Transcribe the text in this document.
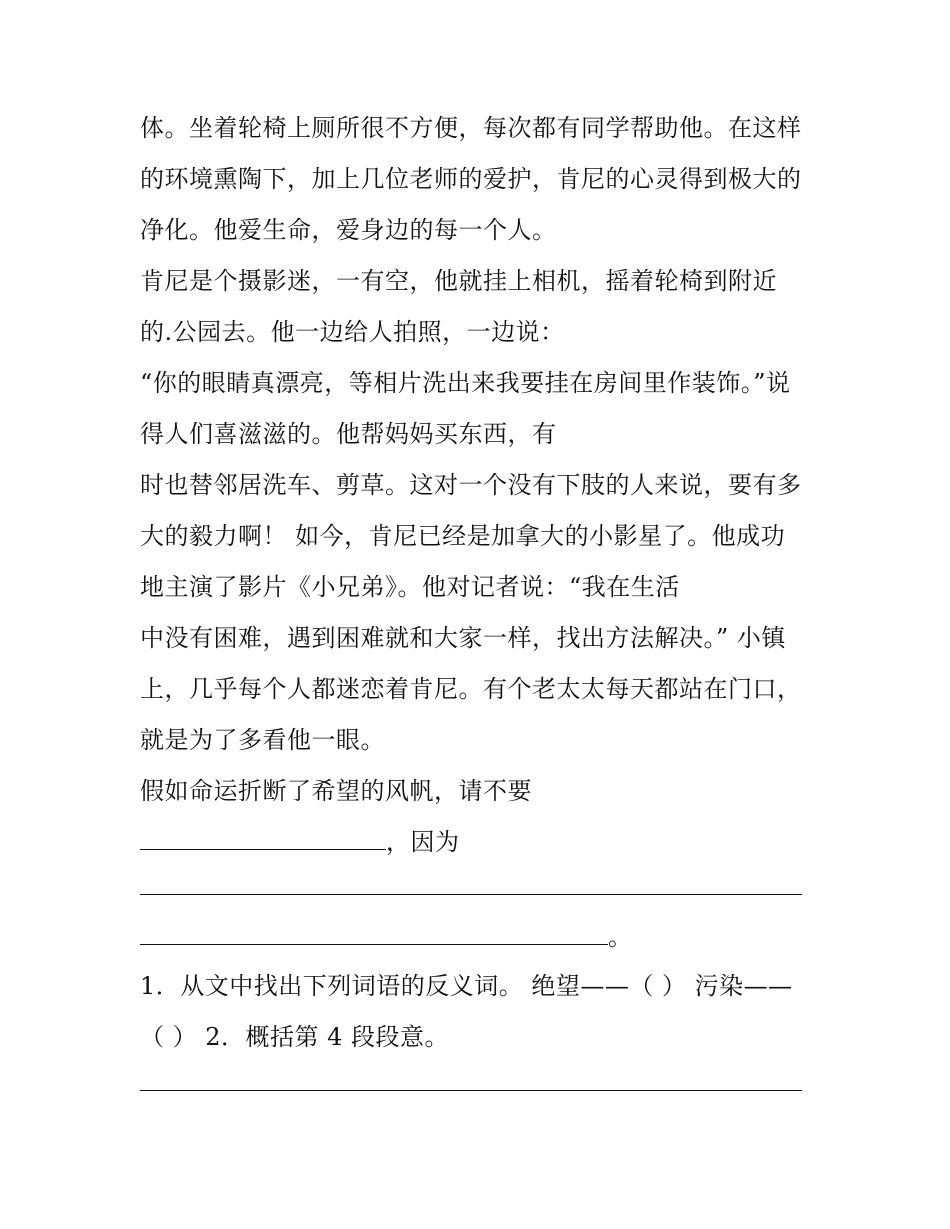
体。坐着轮椅上厕所很不方便，每次都有同学帮助他。在这样
的环境熏陶下，加上几位老师的爱护，肯尼的心灵得到极大的
净化。他爱生命，爱身边的每一个人。
肯尼是个摄影迷，一有空，他就挂上相机，摇着轮椅到附近
的.公园去。他一边给人拍照，一边说：
“你的眼睛真漂亮，等相片洗出来我要挂在房间里作装饰。”说
得人们喜滋滋的。他帮妈妈买东西，有
时也替邻居洗车、剪草。这对一个没有下肢的人来说，要有多
大的毅力啊！ 如今，肯尼已经是加拿大的小影星了。他成功
地主演了影片《小兄弟》。他对记者说：“我在生活
中没有困难，遇到困难就和大家一样，找出方法解决。” 小镇
上，几乎每个人都迷恋着肯尼。有个老太太每天都站在门口，
就是为了多看他一眼。
假如命运折断了希望的风帆，请不要
，因为
。
1．从文中找出下列词语的反义词。 绝望——（ ） 污染——
（ ） 2．概括第 4 段段意。
